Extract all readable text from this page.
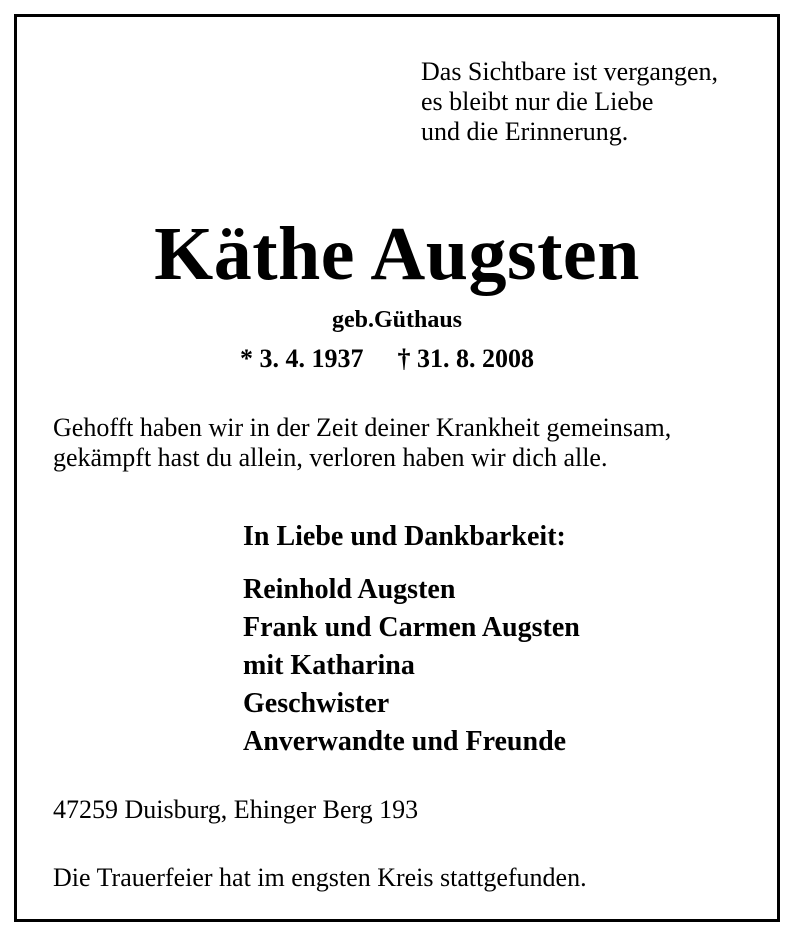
Das Sichtbare ist vergangen,
es bleibt nur die Liebe
und die Erinnerung.
Käthe Augsten
geb.Güthaus
* 3. 4. 1937 † 31. 8. 2008
Gehofft haben wir in der Zeit deiner Krankheit gemeinsam,
gekämpft hast du allein, verloren haben wir dich alle.
In Liebe und Dankbarkeit:
Reinhold Augsten
Frank und Carmen Augsten
mit Katharina
Geschwister
Anverwandte und Freunde
47259 Duisburg, Ehinger Berg 193
Die Trauerfeier hat im engsten Kreis stattgefunden.
